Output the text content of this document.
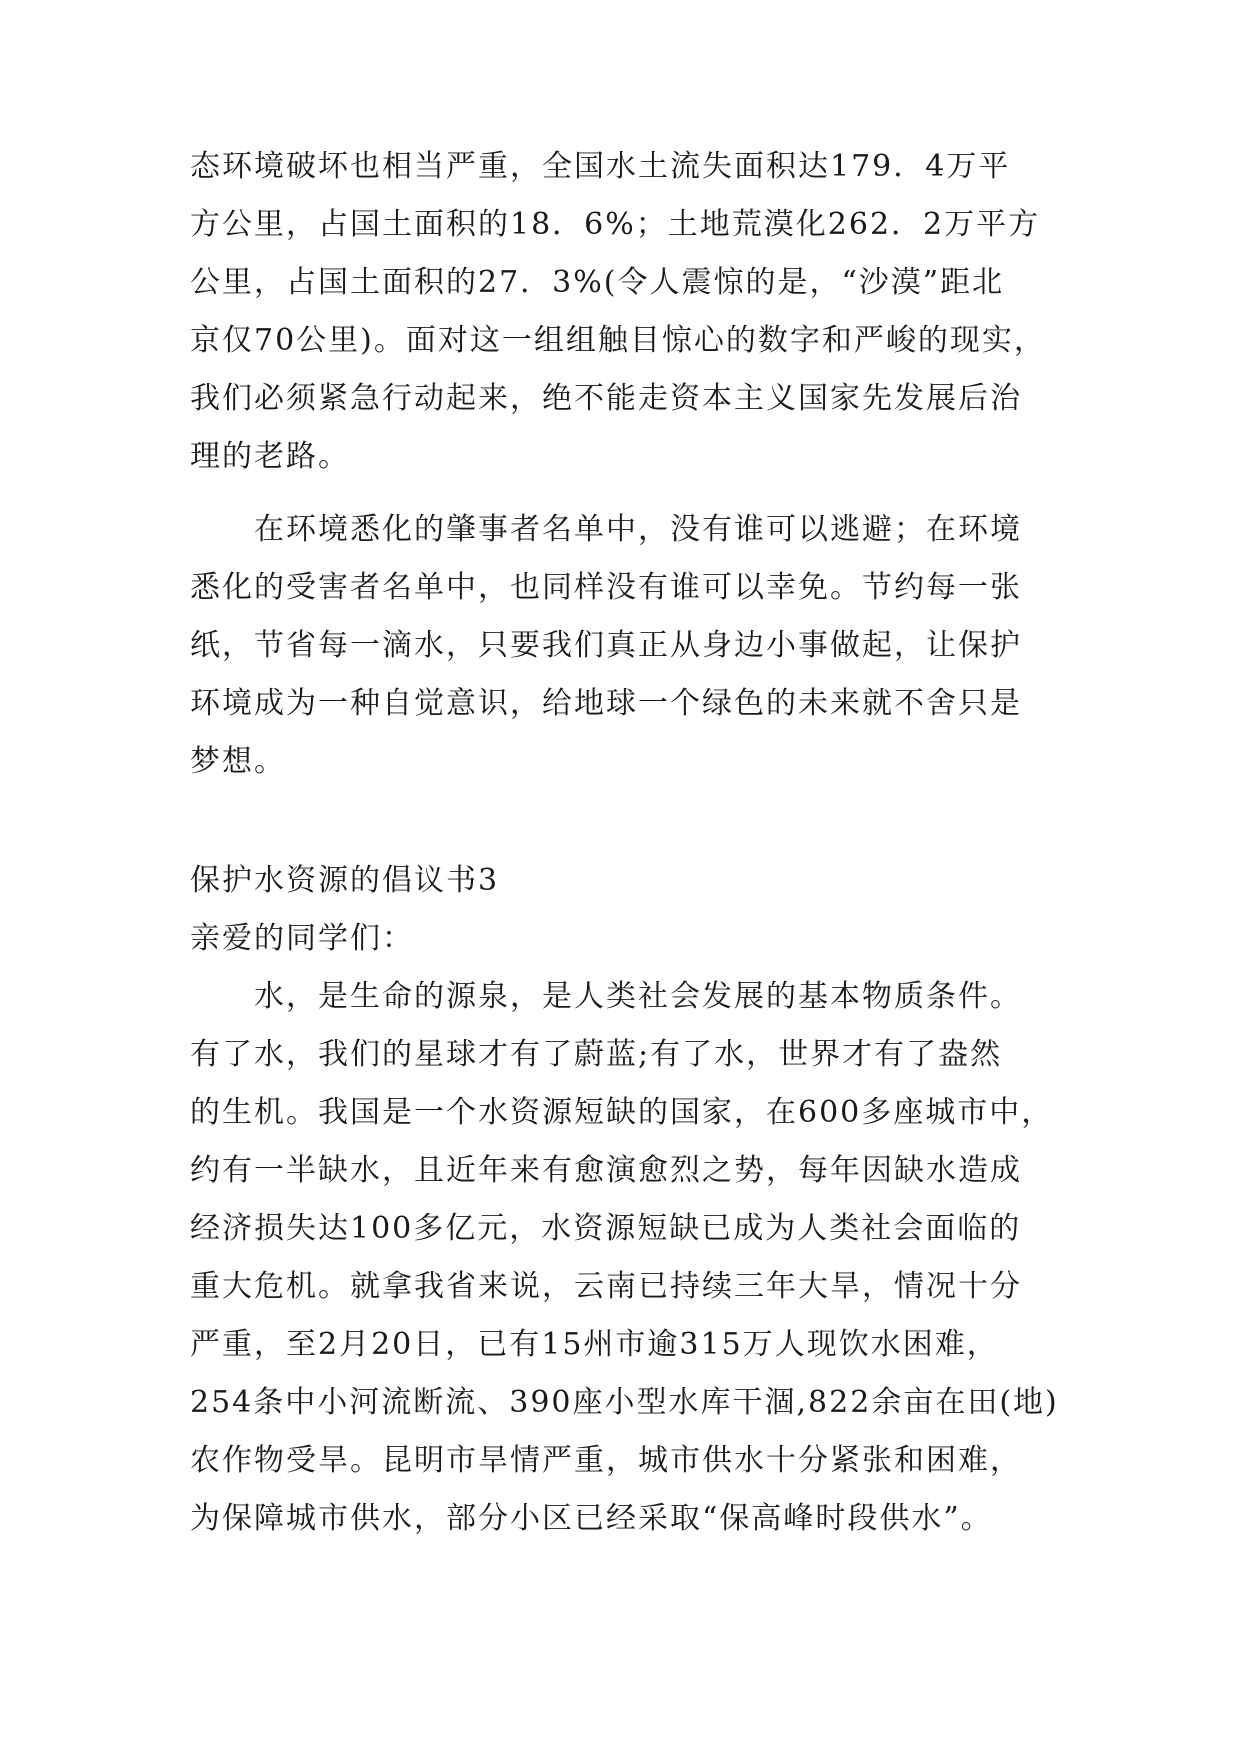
态环境破坏也相当严重，全国水土流失面积达179．4万平
方公里，占国土面积的18．6%；土地荒漠化262．2万平方
公里，占国土面积的27．3%(令人震惊的是，“沙漠”距北
京仅70公里)。面对这一组组触目惊心的数字和严峻的现实，
我们必须紧急行动起来，绝不能走资本主义国家先发展后治
理的老路。
　　在环境悉化的肇事者名单中，没有谁可以逃避；在环境
悉化的受害者名单中，也同样没有谁可以幸免。节约每一张
纸，节省每一滴水，只要我们真正从身边小事做起，让保护
环境成为一种自觉意识，给地球一个绿色的未来就不舍只是
梦想。
保护水资源的倡议书3
亲爱的同学们：
　　水，是生命的源泉，是人类社会发展的基本物质条件。
有了水，我们的星球才有了蔚蓝;有了水，世界才有了盎然
的生机。我国是一个水资源短缺的国家，在600多座城市中，
约有一半缺水，且近年来有愈演愈烈之势，每年因缺水造成
经济损失达100多亿元，水资源短缺已成为人类社会面临的
重大危机。就拿我省来说，云南已持续三年大旱，情况十分
严重，至2月20日，已有15州市逾315万人现饮水困难，
254条中小河流断流、390座小型水库干涸,822余亩在田(地)
农作物受旱。昆明市旱情严重，城市供水十分紧张和困难，
为保障城市供水，部分小区已经采取“保高峰时段供水”。
